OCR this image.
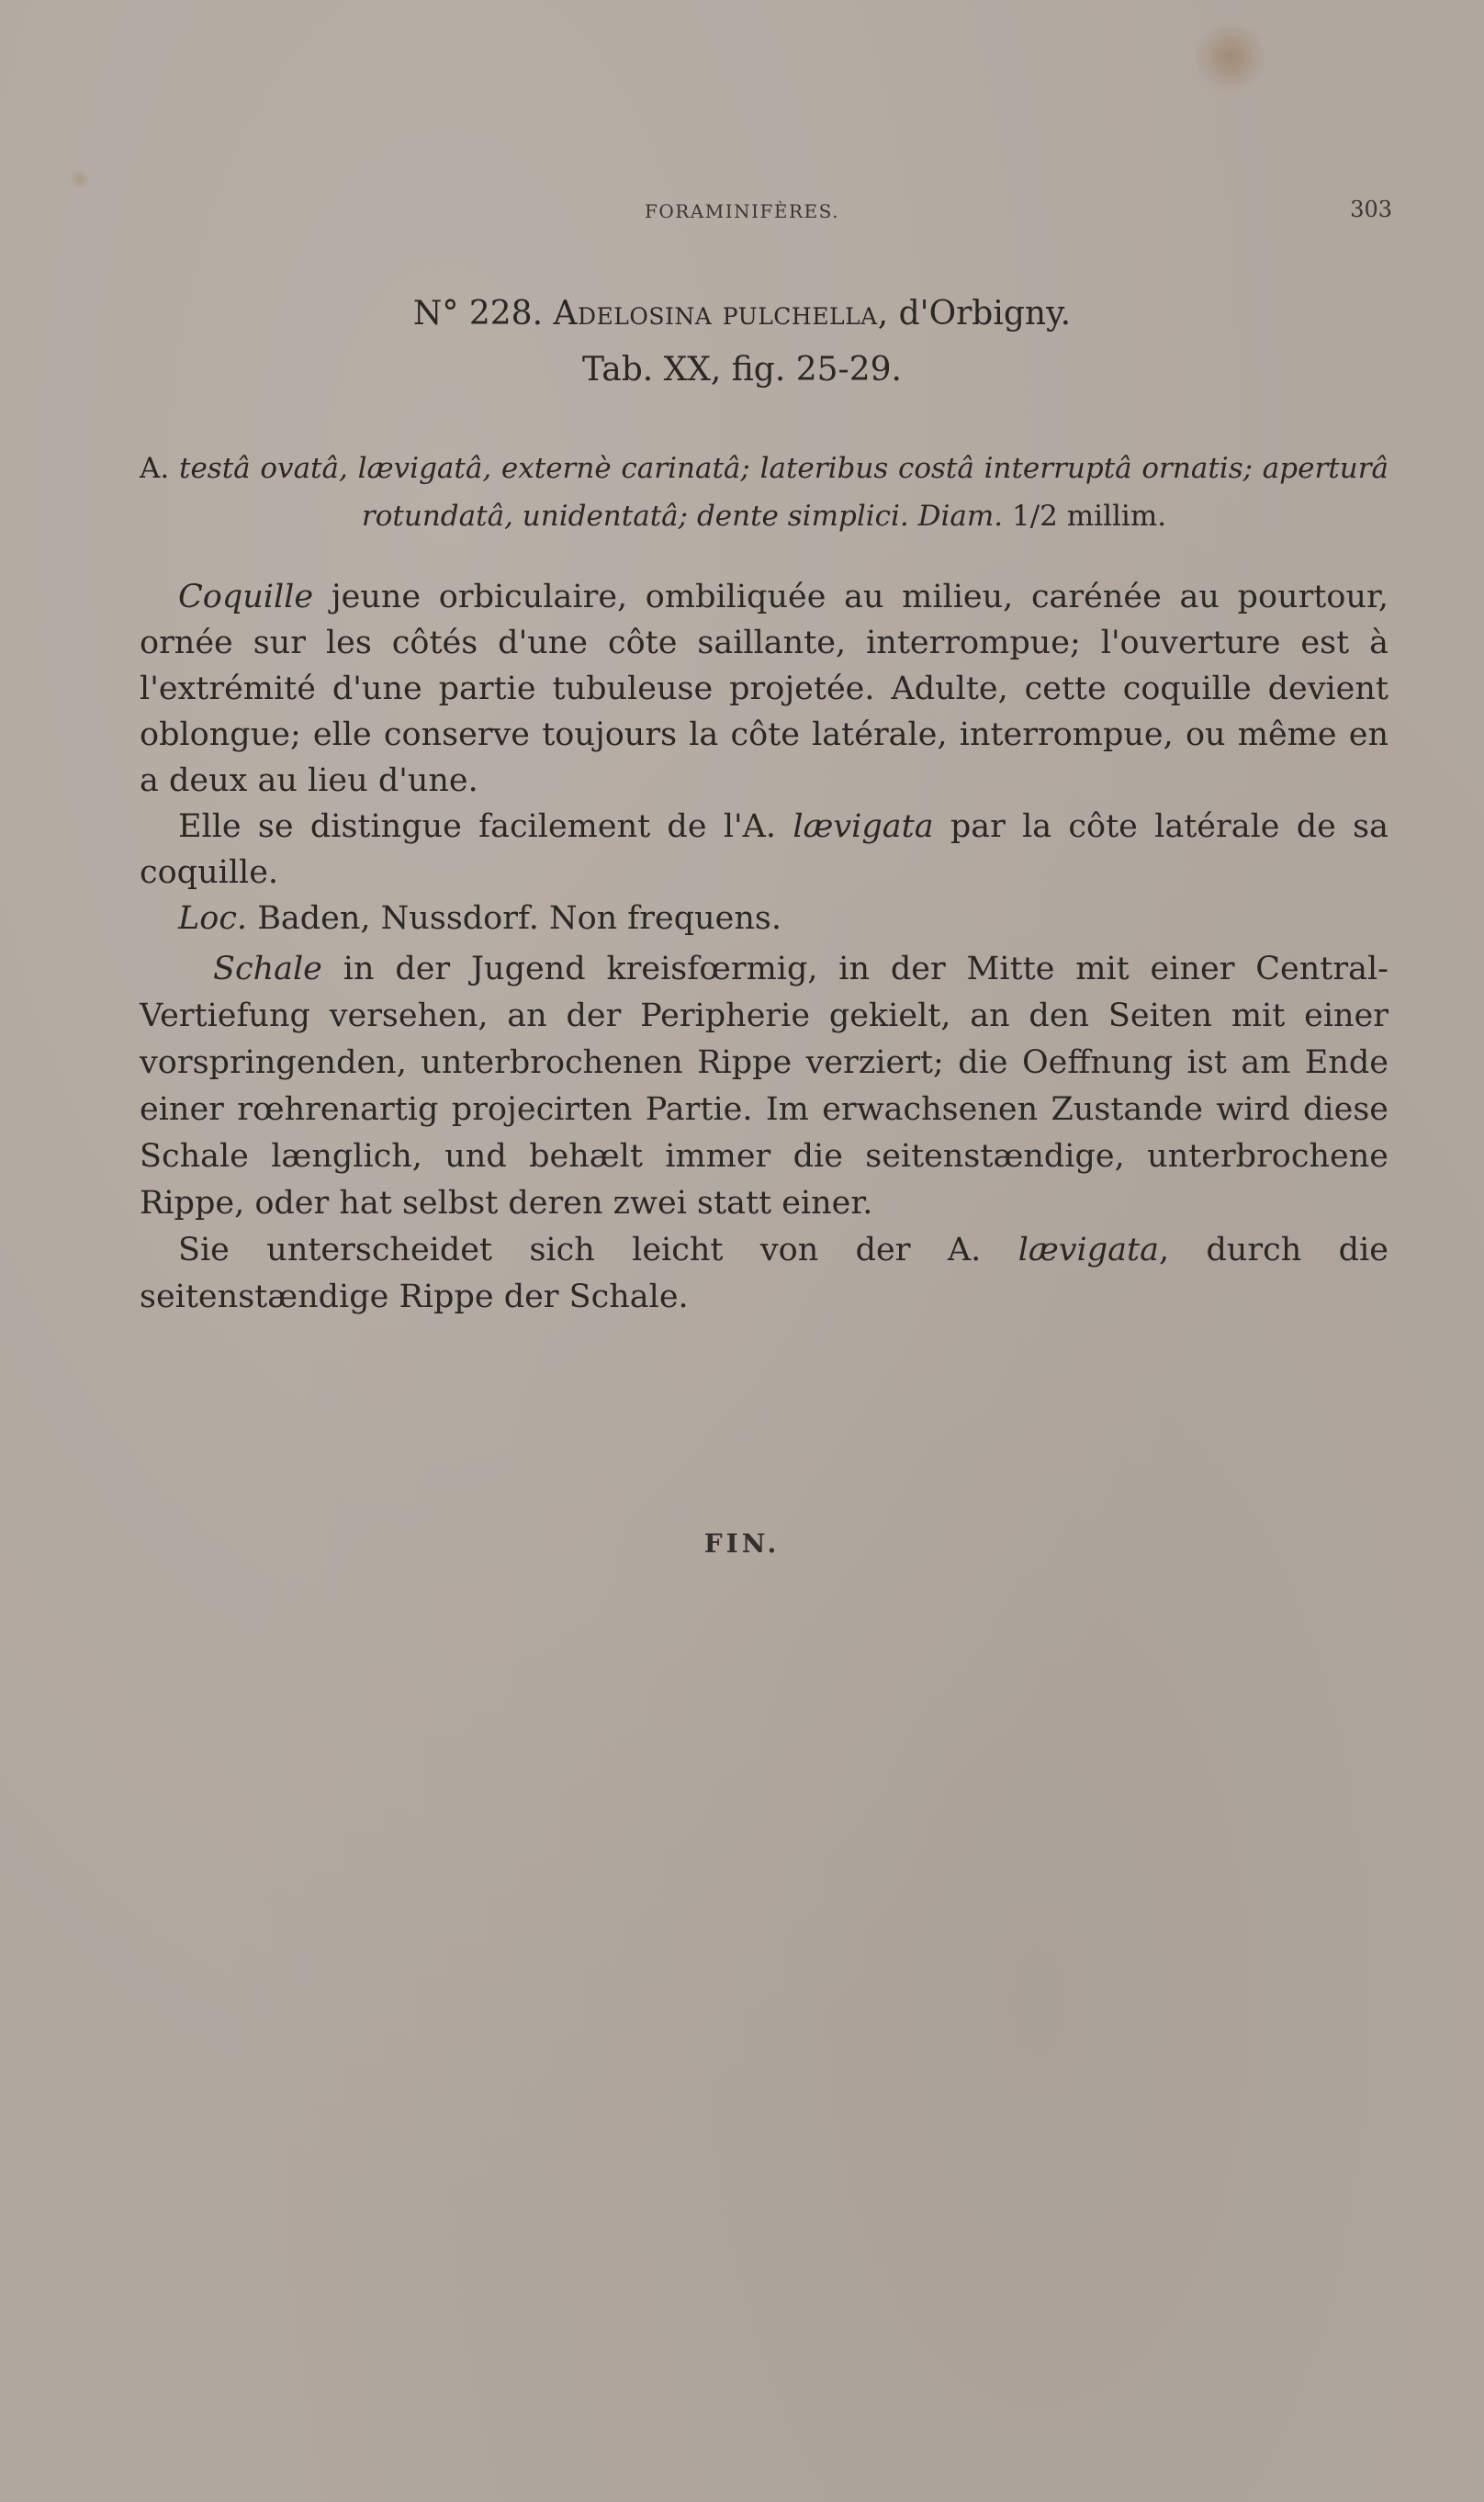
FORAMINIFÈRES.	303
N° 228. Adelosina pulchella, d'Orbigny.
Tab. XX, fig. 25-29.
A. testâ ovatâ, lævigatâ, externè carinatâ; lateribus costâ interruptâ ornatis; aperturâ rotundatâ, unidentatâ; dente simplici. Diam. 1/2 millim.

Coquille jeune orbiculaire, ombiliquée au milieu, carénée au pourtour, ornée sur les côtés d'une côte saillante, interrompue; l'ouverture est à l'extrémité d'une partie tubuleuse projetée. Adulte, cette coquille devient oblongue; elle conserve toujours la côte latérale, interrompue, ou même en a deux au lieu d'une.

Elle se distingue facilement de l'A. lævigata par la côte latérale de sa coquille.

Loc. Baden, Nussdorf. Non frequens.

Schale in der Jugend kreisfœrmig, in der Mitte mit einer Central-Vertiefung versehen, an der Peripherie gekielt, an den Seiten mit einer vorspringenden, unterbrochenen Rippe verziert; die Oeffnung ist am Ende einer rœhrenartig projecirten Partie. Im erwachsenen Zustande wird diese Schale længlich, und behælt immer die seitenstændige, unterbrochene Rippe, oder hat selbst deren zwei statt einer.

Sie unterscheidet sich leicht von der A. lævigata, durch die seitenstændige Rippe der Schale.

FIN.
